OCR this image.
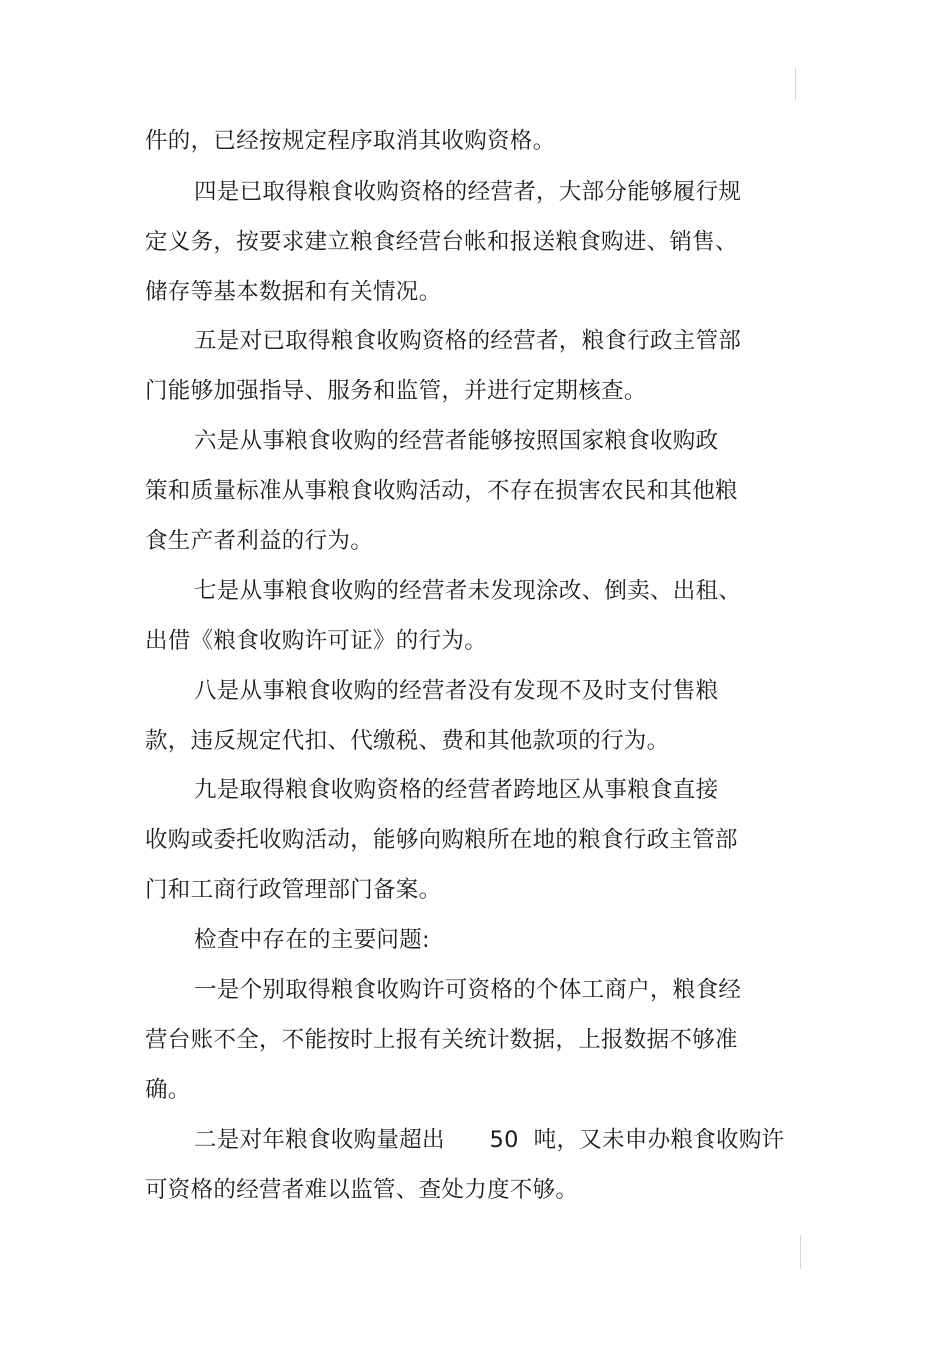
件的，已经按规定程序取消其收购资格。
四是已取得粮食收购资格的经营者，大部分能够履行规
定义务，按要求建立粮食经营台帐和报送粮食购进、销售、
储存等基本数据和有关情况。
五是对已取得粮食收购资格的经营者，粮食行政主管部
门能够加强指导、服务和监管，并进行定期核查。
六是从事粮食收购的经营者能够按照国家粮食收购政
策和质量标准从事粮食收购活动，不存在损害农民和其他粮
食生产者利益的行为。
七是从事粮食收购的经营者未发现涂改、倒卖、出租、
出借《粮食收购许可证》的行为。
八是从事粮食收购的经营者没有发现不及时支付售粮
款，违反规定代扣、代缴税、费和其他款项的行为。
九是取得粮食收购资格的经营者跨地区从事粮食直接
收购或委托收购活动，能够向购粮所在地的粮食行政主管部
门和工商行政管理部门备案。
检查中存在的主要问题:
一是个别取得粮食收购许可资格的个体工商户，粮食经
营台账不全，不能按时上报有关统计数据，上报数据不够准
确。
二是对年粮食收购量超出      50  吨，又未申办粮食收购许
可资格的经营者难以监管、查处力度不够。
